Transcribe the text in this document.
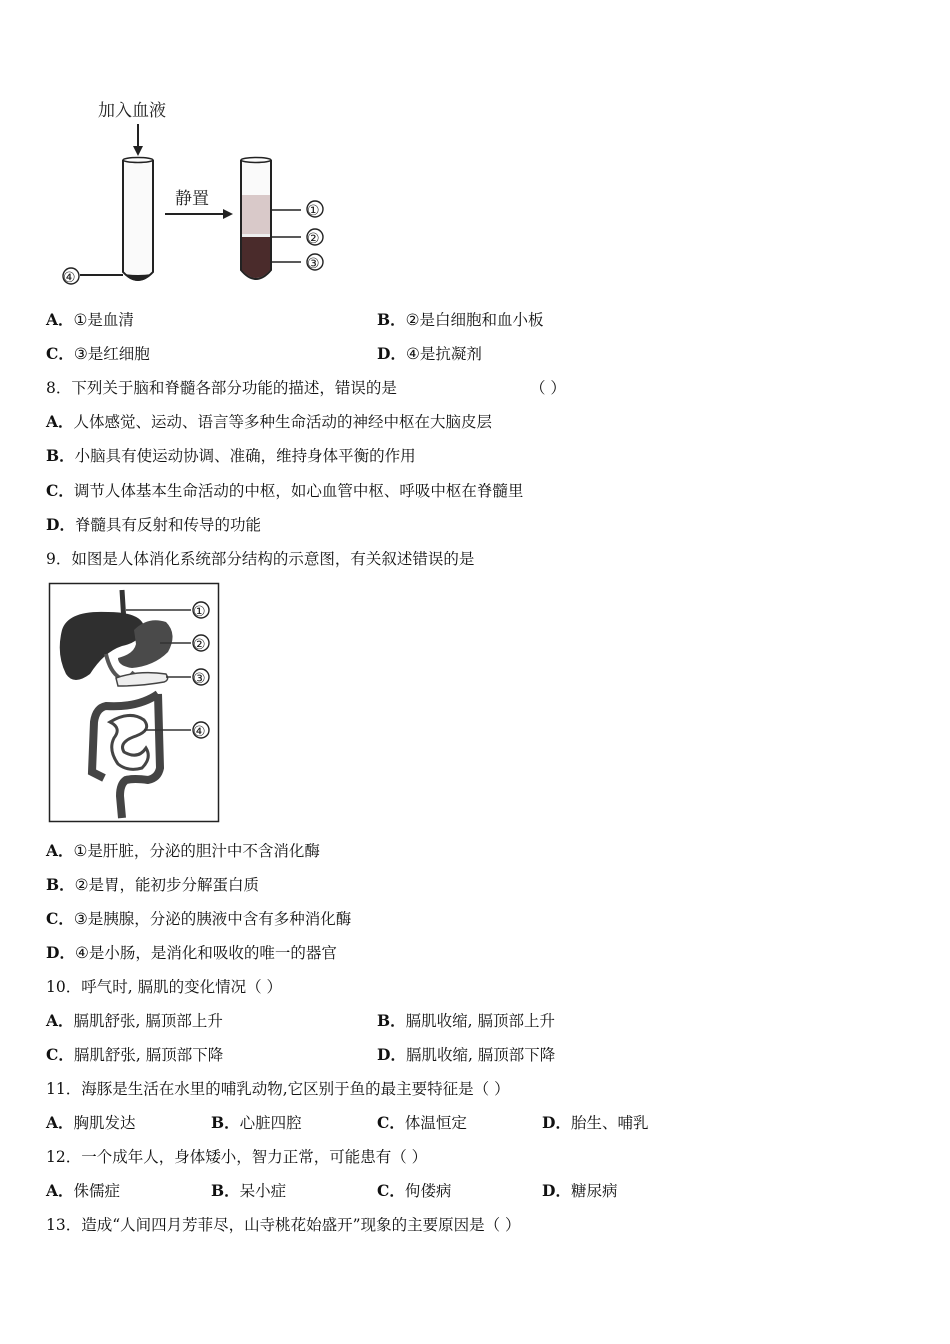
加入血液
④
静置
①
②
③
A．①是血清	B．②是白细胞和血小板
C．③是红细胞	D．④是抗凝剂
8．下列关于脑和脊髓各部分功能的描述，错误的是	（ ）
A．人体感觉、运动、语言等多种生命活动的神经中枢在大脑皮层
B．小脑具有使运动协调、准确，维持身体平衡的作用
C．调节人体基本生命活动的中枢，如心血管中枢、呼吸中枢在脊髓里
D．脊髓具有反射和传导的功能
9．如图是人体消化系统部分结构的示意图，有关叙述错误的是
①
②
③
④
A．①是肝脏，分泌的胆汁中不含消化酶
B．②是胃，能初步分解蛋白质
C．③是胰腺，分泌的胰液中含有多种消化酶
D．④是小肠，是消化和吸收的唯一的器官
10．呼气时, 膈肌的变化情况（ ）
A．膈肌舒张, 膈顶部上升	B．膈肌收缩, 膈顶部上升
C．膈肌舒张, 膈顶部下降	D．膈肌收缩, 膈顶部下降
11．海豚是生活在水里的哺乳动物,它区别于鱼的最主要特征是（ ）
A．胸肌发达	B．心脏四腔	C．体温恒定	D．胎生、哺乳
12．一个成年人，身体矮小，智力正常，可能患有（ ）
A．侏儒症	B．呆小症	C．佝偻病	D．糖尿病
13．造成“人间四月芳菲尽，山寺桃花始盛开”现象的主要原因是（ ）
